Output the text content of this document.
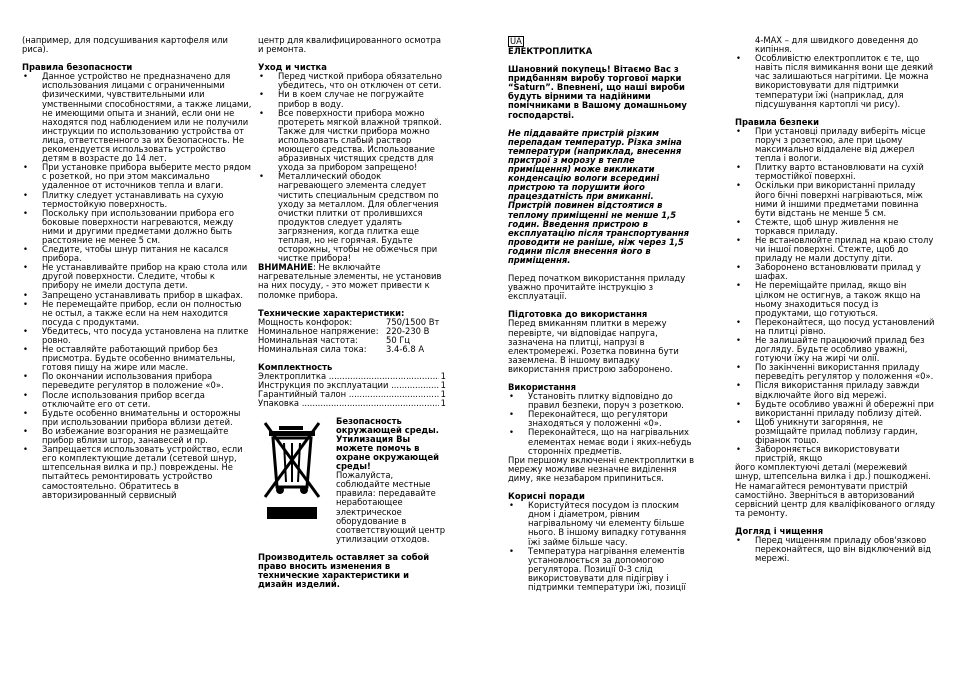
(например, для подсушивания картофеля или риса).

Правила безопасности

• Данное устройство не предназначено для использования лицами с ограниченными физическими, чувствительными или умственными способностями, а также лицами, не имеющими опыта и знаний, если они не находятся под наблюдением или не получили инструкции по использованию устройства от лица, ответственного за их безопасность. Не рекомендуется использовать устройство детям в возрасте до 14 лет.
• При установке прибора выберите место рядом с розеткой, но при этом максимально удаленное от источников тепла и влаги.
• Плитку следует устанавливать на сухую термостойкую поверхность.
• Поскольку при использовании прибора его боковые поверхности нагреваются, между ними и другими предметами должно быть расстояние не менее 5 см.
• Следите, чтобы шнур питания не касался прибора.
• Не устанавливайте прибор на краю стола или другой поверхности. Следите, чтобы к прибору не имели доступа дети.
• Запрещено устанавливать прибор в шкафах.
• Не перемещайте прибор, если он полностью не остыл, а также если на нем находится посуда с продуктами.
• Убедитесь, что посуда установлена на плитке ровно.
• Не оставляйте работающий прибор без присмотра. Будьте особенно внимательны, готовя пищу на жире или масле.
• По окончании использования прибора переведите регулятор в положение «0».
• После использования прибор всегда отключайте его от сети.
• Будьте особенно внимательны и осторожны при использовании прибора вблизи детей.
• Во избежание возгорания не размещайте прибор вблизи штор, занавесей и пр.
• Запрещается использовать устройство, если его комплектующие детали (сетевой шнур, штепсельная вилка и пр.) повреждены. Не пытайтесь ремонтировать устройство самостоятельно. Обратитесь в авторизированный сервисный

центр для квалифицированного осмотра и ремонта.

Уход и чистка

• Перед чисткой прибора обязательно убедитесь, что он отключен от сети.
• Ни в коем случае не погружайте прибор в воду.
• Все поверхности прибора можно протереть мягкой влажной тряпкой. Также для чистки прибора можно использовать слабый раствор моющего средства. Использование абразивных чистящих средств для ухода за прибором запрещено!
• Металлический ободок нагревающего элемента следует чистить специальным средством по уходу за металлом. Для облегчения очистки плитки от пролившихся продуктов следует удалять загрязнения, когда плитка еще теплая, но не горячая. Будьте осторожны, чтобы не обжечься при чистке прибора!

ВНИМАНИЕ: Не включайте нагревательные элементы, не установив на них посуду, - это может привести к поломке прибора.

Технические характеристики:

Мощность конфорок:	750/1500 Вт
Номинальное напряжение: 220-230 В
Номинальная частота:	50 Гц
Номинальная сила тока:	3.4-6.8 А

Комплектность

Электроплитка .....	1
Инструкция по эксплуатации .....	1
Гарантийный талон .....	1
Упаковка .....	1

Безопасность окружающей среды. Утилизация Вы можете помочь в охране окружающей среды!

Пожалуйста, соблюдайте местные правила: передавайте неработающее электрическое оборудование в соответствующий центр утилизации отходов.

Производитель оставляет за собой право вносить изменения в технические характеристики и дизайн изделий.

UA

ЕЛЕКТРОПЛИТКА

Шановний покупець! Вітаємо Вас з придбанням виробу торгової марки “Saturn”. Впевнені, що наші вироби будуть вірними та надійними помічниками в Вашому домашньому господарстві.

Не піддавайте пристрій різким перепадам температур. Різка зміна температури (наприклад, внесення пристрої з морозу в тепле приміщення) може викликати конденсацію вологи всередині пристрою та порушити його працездатність при вмиканні. Пристрій повинен відстоятися в теплому приміщенні не менше 1,5 годин. Введення пристрою в експлуатацію після транспортування проводити не раніше, ніж через 1,5 години після внесення його в приміщення.

Перед початком використання приладу уважно прочитайте інструкцію з експлуатації.

Підготовка до використання

Перед вмиканням плитки в мережу перевірте, чи відповідає напруга, зазначена на плитці, напрузі в електромережі. Розетка повинна бути заземлена. В іншому випадку використання пристрою заборонено.

Використання

• Установіть плитку відповідно до правил безпеки, поруч з розеткою.
• Переконайтеся, що регулятори знаходяться у положенні «0».
• Переконайтеся, що на нагрівальних елементах немає води і яких-небудь сторонніх предметів.

При першому включенні електроплитки в мережу можливе незначне виділення диму, яке незабаром припиниться.

Корисні поради

• Користуйтеся посудом із плоским дном і діаметром, рівним нагрівальному чи елементу більше нього. В іншому випадку готування їжі займе більше часу.
• Температура нагрівання елементів установлюється за допомогою регулятора. Позиції 0-3 слід використовувати для підігріву і підтримки температури їжі, позиції

4-MAX – для швидкого доведення до кипіння.

• Особливістю електроплиток є те, що навіть після вимикання вони ще деякий час залишаються нагрітими. Це можна використовувати для підтримки температури їжі (наприклад, для підсушування картоплі чи рису).

Правила безпеки

• При установці приладу виберіть місце поруч з розеткою, але при цьому максимально віддалене від джерел тепла і вологи.
• Плитку варто встановлювати на сухій термостійкої поверхні.
• Оскільки при використанні приладу його бічні поверхні нагріваються, між ними й іншими предметами повинна бути відстань не менше 5 см.
• Стежте, щоб шнур живлення не торкався приладу.
• Не встановлюйте прилад на краю столу чи іншої поверхні. Стежте, щоб до приладу не мали доступу діти.
• Заборонено встановлювати прилад у шафах.
• Не переміщайте прилад, якщо він цілком не остигнув, а також якщо на ньому знаходиться посуд із продуктами, що готуються.
• Переконайтеся, що посуд установлений на плитці рівно.
• Не залишайте працюючий прилад без догляду. Будьте особливо уважні, готуючи їжу на жирі чи олії.
• По закінченні використання приладу переведіть регулятор у положення «0».
• Після використання приладу завжди відключайте його від мережі.
• Будьте особливо уважні й обережні при використанні приладу поблизу дітей.
• Щоб уникнути загоряння, не розміщайте прилад поблизу гардин, фіранок тощо.
• Забороняється використовувати пристрій, якщо

його комплектуючі деталі (мережевий шнур, штепсельна вилка і др.) пошкоджені. Не намагайтеся ремонтувати пристрій самостійно. Зверніться в авторизований сервісний центр для кваліфікованого огляду та ремонту.

Догляд і чищення

• Перед чищенням приладу обов'язково переконайтеся, що він відключений від мережі.
